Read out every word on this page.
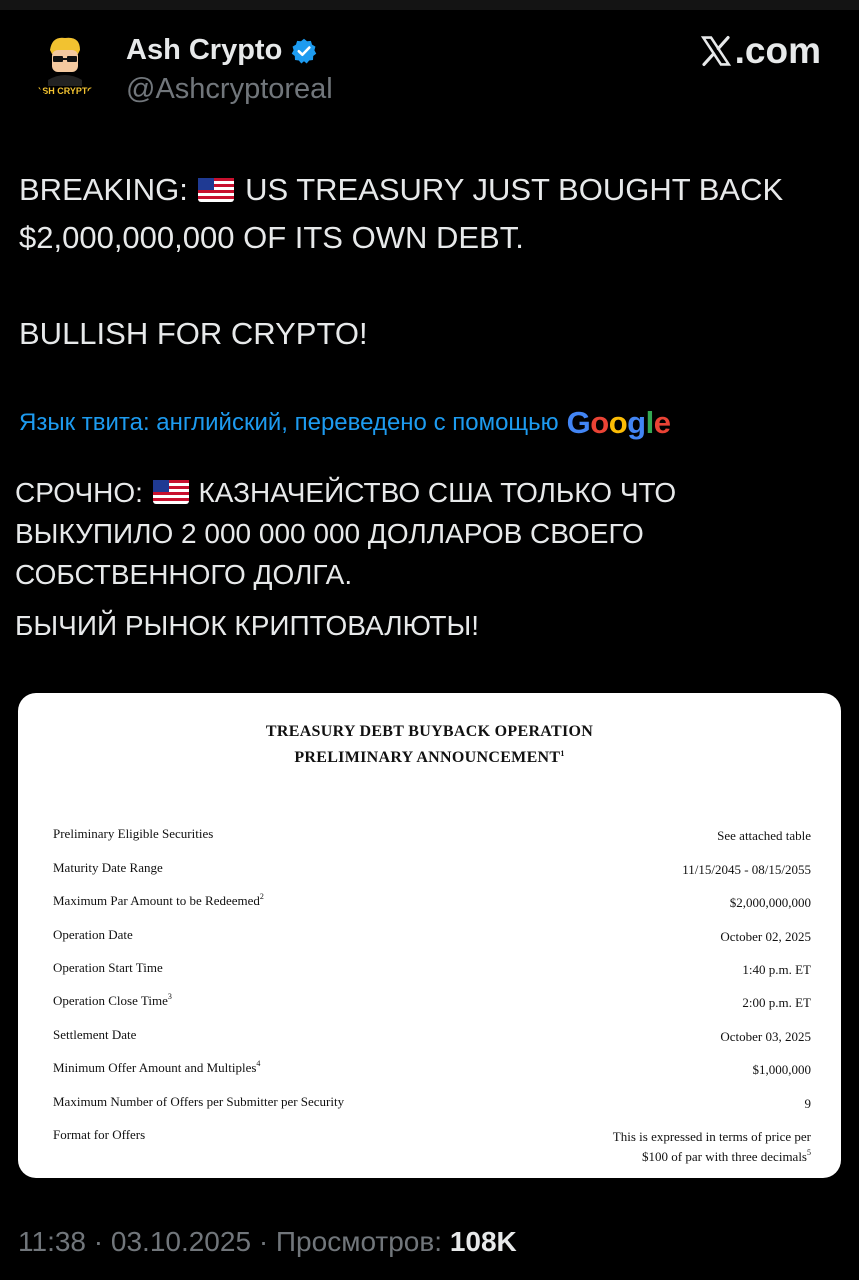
ASH CRYPTO
Ash Crypto
@Ashcryptoreal
.com

BREAKING: US TREASURY JUST BOUGHT BACK

$2,000,000,000 OF ITS OWN DEBT.

BULLISH FOR CRYPTO!

Язык твита: английский, переведено с помощью Google

СРОЧНО: КАЗНАЧЕЙСТВО США ТОЛЬКО ЧТО

ВЫКУПИЛО 2 000 000 000 ДОЛЛАРОВ СВОЕГО

СОБСТВЕННОГО ДОЛГА.

БЫЧИЙ РЫНОК КРИПТОВАЛЮТЫ!

TREASURY DEBT BUYBACK OPERATION
PRELIMINARY ANNOUNCEMENT$^1$
Preliminary Eligible Securities	See attached table
Maturity Date Range	11/15/2045 - 08/15/2055
Maximum Par Amount to be Redeemed$^2$	$2,000,000,000
Operation Date	October 02, 2025
Operation Start Time	1:40 p.m. ET
Operation Close Time$^3$	2:00 p.m. ET
Settlement Date	October 03, 2025
Minimum Offer Amount and Multiples$^4$	$1,000,000
Maximum Number of Offers per Submitter per Security	9
Format for Offers	This is expressed in terms of price per
$100 of par with three decimals$^5$
11:38 · 03.10.2025 · Просмотров: 108K
